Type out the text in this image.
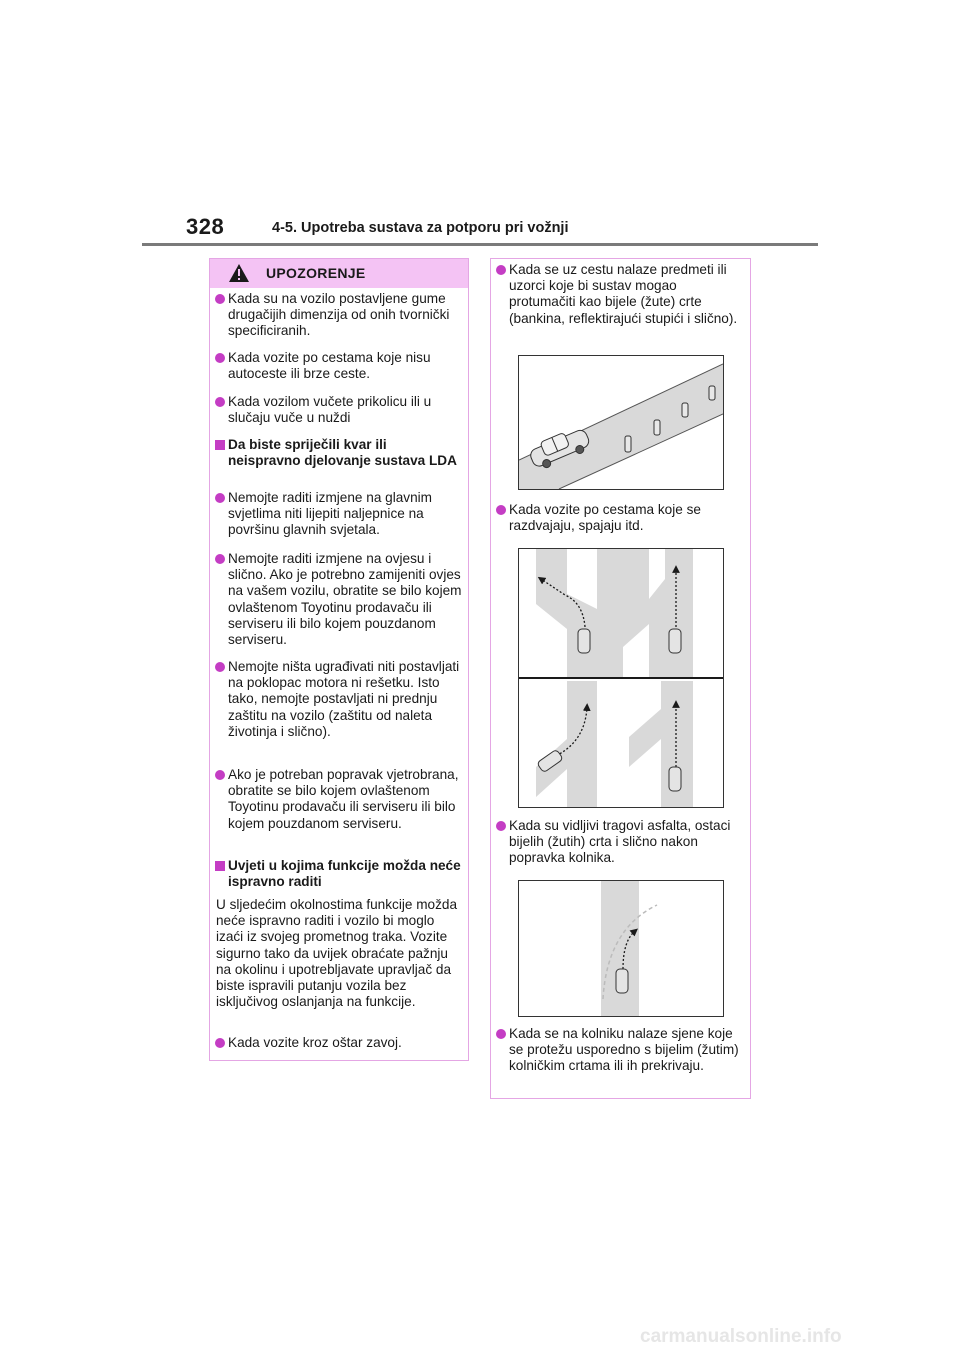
328	4-5. Upotreba sustava za potporu pri vožnji
UPOZORENJE
Kada su na vozilo postavljene gume drugačijih dimenzija od onih tvornički specificiranih.
Kada vozite po cestama koje nisu autoceste ili brze ceste.
Kada vozilom vučete prikolicu ili u slučaju vuče u nuždi
Da biste spriječili kvar ili neispravno djelovanje sustava LDA
Nemojte raditi izmjene na glavnim svjetlima niti lijepiti naljepnice na površinu glavnih svjetala.
Nemojte raditi izmjene na ovjesu i slično. Ako je potrebno zamijeniti ovjes na vašem vozilu, obratite se bilo kojem ovlaštenom Toyotinu prodavaču ili serviseru ili bilo kojem pouzdanom serviseru.
Nemojte ništa ugrađivati niti postavljati na poklopac motora ni rešetku. Isto tako, nemojte postavljati ni prednju zaštitu na vozilo (zaštitu od naleta životinja i slično).
Ako je potreban popravak vjetrobrana, obratite se bilo kojem ovlaštenom Toyotinu prodavaču ili serviseru ili bilo kojem pouzdanom serviseru.
Uvjeti u kojima funkcije možda neće ispravno raditi
U sljedećim okolnostima funkcije možda neće ispravno raditi i vozilo bi moglo izaći iz svojeg prometnog traka. Vozite sigurno tako da uvijek obraćate pažnju na okolinu i upotrebljavate upravljač da biste ispravili putanju vozila bez isključivog oslanjanja na funkcije.
Kada vozite kroz oštar zavoj.
Kada se uz cestu nalaze predmeti ili uzorci koje bi sustav mogao protumačiti kao bijele (žute) crte (bankina, reflektirajući stupići i slično).
Kada vozite po cestama koje se razdvajaju, spajaju itd.
Kada su vidljivi tragovi asfalta, ostaci bijelih (žutih) crta i slično nakon popravka kolnika.
Kada se na kolniku nalaze sjene koje se protežu usporedno s bijelim (žutim) kolničkim crtama ili ih prekrivaju.
carmanualsonline.info
